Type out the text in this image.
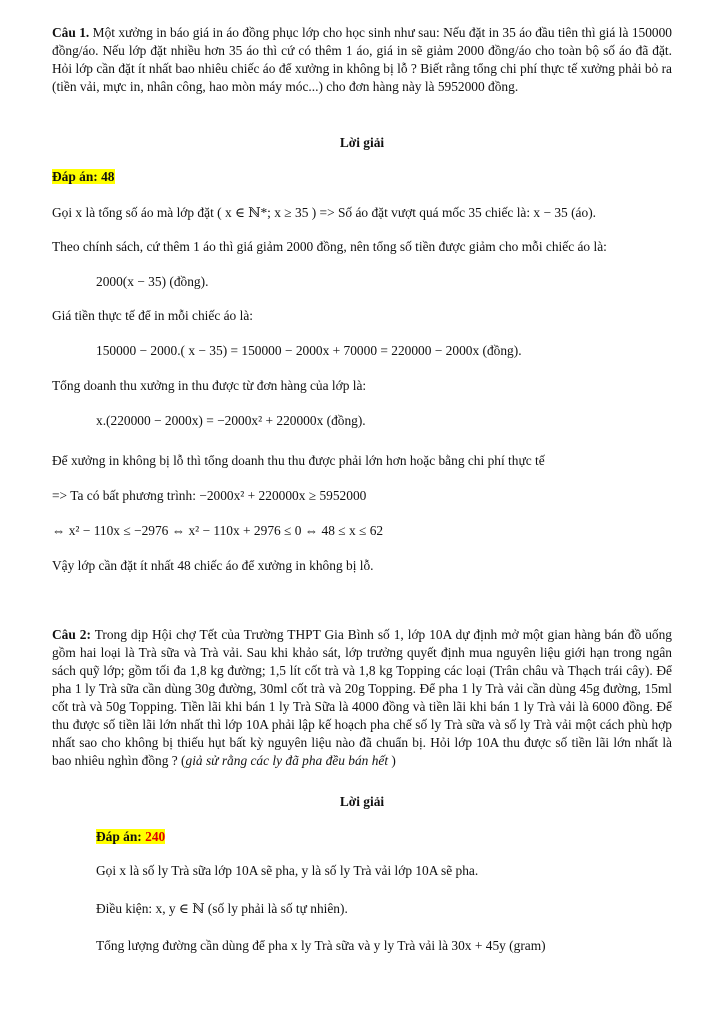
Câu 1. Một xưởng in báo giá in áo đồng phục lớp cho học sinh như sau: Nếu đặt in 35 áo đầu tiên thì giá là 150000 đồng/áo. Nếu lớp đặt nhiều hơn 35 áo thì cứ có thêm 1 áo, giá in sẽ giảm 2000 đồng/áo cho toàn bộ số áo đã đặt. Hỏi lớp cần đặt ít nhất bao nhiêu chiếc áo để xưởng in không bị lỗ ? Biết rằng tổng chi phí thực tế xưởng phải bỏ ra (tiền vải, mực in, nhân công, hao mòn máy móc...) cho đơn hàng này là 5952000 đồng.

Lời giải

Đáp án: 48

Gọi x là tổng số áo mà lớp đặt ( x ∈ ℕ*; x ≥ 35 ) => Số áo đặt vượt quá mốc 35 chiếc là: x − 35 (áo).

Theo chính sách, cứ thêm 1 áo thì giá giảm 2000 đồng, nên tổng số tiền được giảm cho mỗi chiếc áo là:

2000(x − 35) (đồng).

Giá tiền thực tế để in mỗi chiếc áo là:

150000 − 2000.( x − 35) = 150000 − 2000x + 70000 = 220000 − 2000x (đồng).

Tổng doanh thu xưởng in thu được từ đơn hàng của lớp là:

x.(220000 − 2000x) = −2000x² + 220000x (đồng).

Để xưởng in không bị lỗ thì tổng doanh thu thu được phải lớn hơn hoặc bằng chi phí thực tế

=> Ta có bất phương trình: −2000x² + 220000x ≥ 5952000

⇔ x² − 110x ≤ −2976 ⇔ x² − 110x + 2976 ≤ 0 ⇔ 48 ≤ x ≤ 62

Vậy lớp cần đặt ít nhất 48 chiếc áo để xưởng in không bị lỗ.

Câu 2: Trong dịp Hội chợ Tết của Trường THPT Gia Bình số 1, lớp 10A dự định mở một gian hàng bán đồ uống gồm hai loại là Trà sữa và Trà vải. Sau khi khảo sát, lớp trưởng quyết định mua nguyên liệu giới hạn trong ngân sách quỹ lớp; gồm tối đa 1,8 kg đường; 1,5 lít cốt trà và 1,8 kg Topping các loại (Trân châu và Thạch trái cây). Để pha 1 ly Trà sữa cần dùng 30g đường, 30ml cốt trà và 20g Topping. Để pha 1 ly Trà vải cần dùng 45g đường, 15ml cốt trà và 50g Topping. Tiền lãi khi bán 1 ly Trà Sữa là 4000 đồng và tiền lãi khi bán 1 ly Trà vải là 6000 đồng. Để thu được số tiền lãi lớn nhất thì lớp 10A phải lập kế hoạch pha chế số ly Trà sữa và số ly Trà vải một cách phù hợp nhất sao cho không bị thiếu hụt bất kỳ nguyên liệu nào đã chuẩn bị. Hỏi lớp 10A thu được số tiền lãi lớn nhất là bao nhiêu nghìn đồng ? (giả sử rằng các ly đã pha đều bán hết )

Lời giải

Đáp án: 240

Gọi x là số ly Trà sữa lớp 10A sẽ pha, y là số ly Trà vải lớp 10A sẽ pha.

Điều kiện: x, y ∈ ℕ (số ly phải là số tự nhiên).

Tổng lượng đường cần dùng để pha x ly Trà sữa và y ly Trà vải là 30x + 45y (gram)
